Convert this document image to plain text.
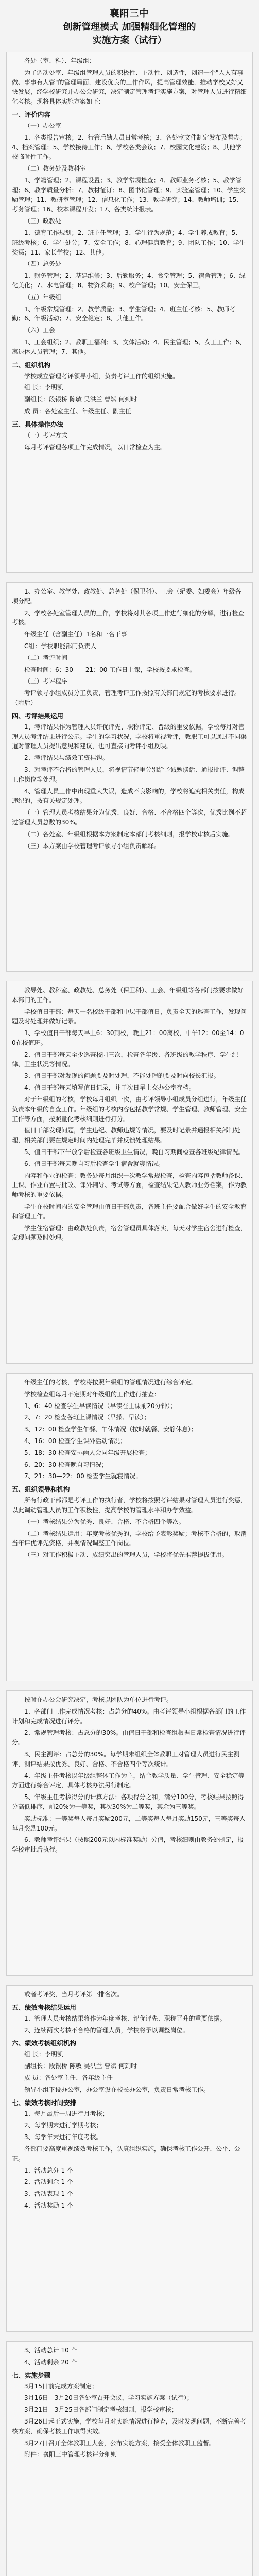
襄阳三中
创新管理模式 加强精细化管理的
实施方案（试行）
各处（室、科）、年级组：
为了调动处室、年级组管理人员的积极性、主动性、创造性，创造一个"人人有事做、事事有人管"的管理局面，建设优良的工作作风，提高管理效能，推动学校又好又快发展，经学校研究并办公会研究，决定制定管理考评实施方案，对管理人员进行精细化考核。现将具体实施方案如下：
一、评价内容
（一）办公室
1、各类报告审核；2、行管后勤人员日常考核；3、各处室文件制定发布及督办；4、档案管理；5、学校接待工作；6、学校各类会议；7、校园文化建设；8、其他学校临时性工作。
（二）教务处及教科室
1、学籍管理；2、课程设置；3、教学常规检查；4、教师业务考核；5、教学管理；6、教学质量分析；7、教材征订；8、图书馆管理；9、实验室管理；10、学生奖励管理；11、教研室管理；12、信息化工作；13、教学研究；14、教师培训；15、考务管理；16、校本课程开发；17、各类统计报表。
（三）政教处
1、德育工作规划；2、班主任管理；3、学生行为规范；4、学生养成教育；5、班级考核；6、学生处分；7、安全工作；8、心理健康教育；9、团队工作；10、学生奖惩；11、家长学校；12、其他。
（四）总务处
1、财务管理；2、基建维修；3、后勤服务；4、食堂管理；5、宿舍管理；6、绿化美化；7、水电管理；8、物资采购；9、校产管理；10、安全保卫。
（五）年级组
1、年级常规管理；2、教学质量；3、学生管理；4、班主任考核；5、教师考勤；6、年级活动；7、安全稳定；8、其他工作。
（六）工会
1、工会组织；2、教职工福利；3、文体活动；4、民主管理；5、女工工作；6、离退休人员管理；7、其他。
二、组织机构
学校成立管理考评领导小组，负责考评工作的组织实施。
组 长：李明凯
副组长：段银桥 陈敏 吴洪兰 曹斌 何到时
成 员：各处室主任、年级主任、副主任
三、具体操作办法
（一）考评方式
每月考评管理各项工作完成情况，以日常检查为主。
1、办公室、教学处、政教处、总务处（保卫科）、工会（纪委、妇委会）年级各项分配。
2、学校各处室管理人员的工作，学校将对其各项工作进行细化的分解，进行检查考核。
年级主任（含副主任）1名和一名干事
C组：学校职能部门负责人
（二）考评时间
检查时间：6：30——21：00 工作日上课，学校按要求检查。
（三）考评程序
考评领导小组成员分工负责，管理考评工作按照有关部门规定的考核要求进行。（附后）
四、考评结果运用
1、考评结果作为管理人员评优评先、职称评定、晋级的重要依据，学校每月对管理人员考评结果进行公示。学生的学习状况，学校将重视考评，教职工可以通过不同渠道对管理人员提出意见和建议，也可直接向考评小组反映。
2、考评结果与绩效工资挂钩。
3、对考评不合格的管理人员，将视情节轻重分别给予诫勉谈话、通报批评、调整工作岗位等处理。
4、管理人员工作中出现重大失误，造成不良影响的，学校将追究相关责任，构成违纪的，按有关规定处理。
（一）管理人员考核结果分为优秀、良好、合格、不合格四个等次，优秀比例不超过管理人员总数的30%。
（二）各处室、年级组根据本方案制定本部门考核细则，报学校审核后实施。
（三）本方案由学校管理考评领导小组负责解释。
教导处、教科室、政教处、总务处（保卫科）、工会、年级组等各部门按要求做好本部门的工作。
学校值日干部：每天一名校级干部和中层干部值日，负责全天的巡查工作，发现问题及时处理并做好记录。
1、学校值日干部每天早上6：30到校，晚上21：00离校，中午12：00至14：00在校值班。
2、值日干部每天至少巡查校园三次，检查各年级、各班级的教学秩序、学生纪律、卫生状况等情况。
3、值日干部对发现的问题要及时处理，不能处理的要及时向校长汇报。
4、值日干部每天填写值日记录，并于次日早上交办公室存档。
对于年级组的考核，学校每月组织一次，由考评领导小组成员分组进行，年级主任负责本年级的自查工作。年级组的考核内容包括教学常规、学生管理、教师管理、安全工作等方面，按照量化考核细则进行打分。
值日干部发现问题，学生违纪、教师违规等情况，要及时记录并通报相关部门处理，相关部门要在规定时间内处理完毕并反馈处理结果。
5、值日干部下午放学后检查各班级卫生情况，晚自习期间检查各班级纪律情况。
6、值日干部每天晚自习后检查学生宿舍就寝情况。
内容和作业的检查：教务处每月组织一次教学常规检查，检查内容包括教师备课、上课、作业布置与批改、课外辅导、考试等方面，检查结果记入教师业务档案，作为教师考核的重要依据。
学生在校时间内的安全管理由值日干部负责，各班主任要配合做好学生的安全教育和管理工作。
学生住宿管理：由政教处负责，宿舍管理员具体落实，每天对学生宿舍进行检查，发现问题及时处理。
年级主任的考核，学校将按照年级组的管理情况进行综合评定。
学校检查组每月不定期对年级组的工作进行抽查：
1、6：40 检查学生早读情况（早读在上课前20分钟）；
2、7：20 检查各班上课情况（早操、早读）；
3、12：00 检查学生午餐、午休情况（按时就餐、安静休息）；
4、16：00 检查学生课外活动情况；
5、18：30 检查安排两人会同年级开展检查；
6、20：30 检查晚自习情况；
7、21：30—22：00 检查学生就寝情况。
五、组织领导和机构
所有行政干部都是考评工作的执行者，学校将按照考评结果对管理人员进行奖惩，以此调动管理人员的工作积极性，提高学校的管理水平和办学效益。
（一）考核结果分为优秀、良好、合格、不合格四个等次。
（二）考核结果运用：年度考核优秀的，学校给予表彰奖励；考核不合格的，取消当年评优评先资格，并视情况调整工作岗位。
（三）对工作积极主动、成绩突出的管理人员，学校将优先推荐提拔使用。
按时在办公会研究决定，考核以团队为单位进行考评。
1、各部门工作完成情况考核：占总分的40%。由考评领导小组根据各部门的工作计划和完成情况进行评分。
2、常规管理考核：占总分的30%。由值日干部和检查组根据日常检查情况进行评分。
3、民主测评：占总分的30%。每学期末组织全体教职工对管理人员进行民主测评，测评结果按优秀、良好、合格、不合格四个等次统计。
4、年级主任考核以年级组整体工作为主，结合教学质量、学生管理、安全稳定等方面进行综合评定，具体考核办法另行制定。
5、年级主任考核得分的计算方法：各项得分之和，满分100分，考核结果按照得分高低排序，前20%为一等奖，其次30%为二等奖，其余为三等奖。
奖励标准：一等奖每人每月奖励200元，二等奖每人每月奖励150元，三等奖每人每月奖励100元。
6、教师考评结果（按照200元以内标准奖励）分值，考核细则由教务处制定，报学校审批后执行。
或者考评奖，当月考评第一排名次。
五、绩效考核结果运用
1、管理人员考核结果将作为年度考核、评优评先、职称晋升的重要依据。
2、连续两次考核不合格的管理人员，学校将予以调整岗位。
六、绩效考核组织机构
组 长：李明凯
副组长：段银桥 陈敏 吴洪兰 曹斌 何到时
成 员：各处室主任、各年级主任
领导小组下设办公室，办公室设在校长办公室，负责日常考核工作。
七、绩效考核时间安排
1、每月最后一周进行月考核；
2、每学期末进行学期考核；
3、每学年末进行年度考核。
各部门要高度重视绩效考核工作，认真组织实施，确保考核工作公开、公平、公正。
1、活动总分 1 个
2、活动剩余 1 个
3、活动表现 1 个
4、活动奖励 1 个
3、活动总计 10 个
4、活动剩余 20 个
七、实施步骤
3月15日前完成方案制定；
3月16日—3月20日各处室召开会议，学习实施方案（试行）；
3月21日—3月25日各部门制定考核细则，报学校审核；
3月26日起正式实施，学校每月对实施情况进行检查，及时发现问题，不断完善考核方案，确保考核工作取得实效。
3月27日召开全体教职工大会，公布实施方案，接受全体教职工监督。
附件：襄阳三中管理考核评分细则
